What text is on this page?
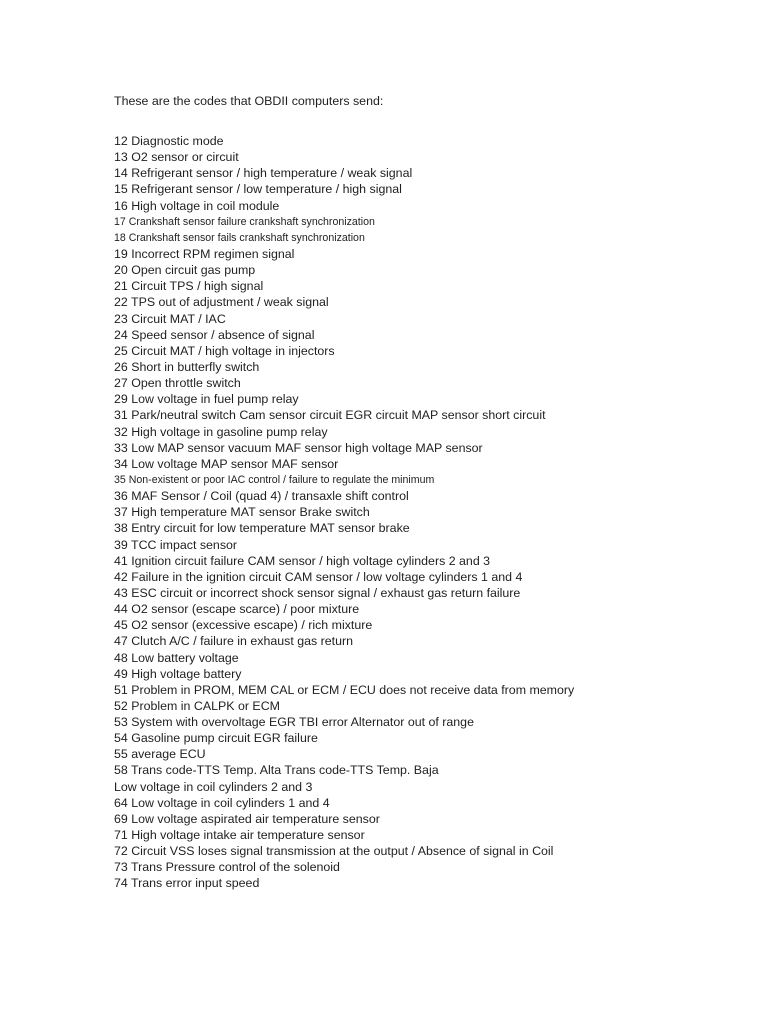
These are the codes that OBDII computers send:

12 Diagnostic mode
13 O2 sensor or circuit
14 Refrigerant sensor / high temperature / weak signal
15 Refrigerant sensor / low temperature / high signal
16 High voltage in coil module
17 Crankshaft sensor failure crankshaft synchronization
18 Crankshaft sensor fails crankshaft synchronization
19 Incorrect RPM regimen signal
20 Open circuit gas pump
21 Circuit TPS / high signal
22 TPS out of adjustment / weak signal
23 Circuit MAT / IAC
24 Speed sensor / absence of signal
25 Circuit MAT / high voltage in injectors
26 Short in butterfly switch
27 Open throttle switch
29 Low voltage in fuel pump relay
31 Park/neutral switch Cam sensor circuit EGR circuit MAP sensor short circuit
32 High voltage in gasoline pump relay
33 Low MAP sensor vacuum MAF sensor high voltage MAP sensor
34 Low voltage MAP sensor MAF sensor
35 Non-existent or poor IAC control / failure to regulate the minimum
36 MAF Sensor / Coil (quad 4) / transaxle shift control
37 High temperature MAT sensor Brake switch
38 Entry circuit for low temperature MAT sensor brake
39 TCC impact sensor
41 Ignition circuit failure CAM sensor / high voltage cylinders 2 and 3
42 Failure in the ignition circuit CAM sensor / low voltage cylinders 1 and 4
43 ESC circuit or incorrect shock sensor signal / exhaust gas return failure
44 O2 sensor (escape scarce) / poor mixture
45 O2 sensor (excessive escape) / rich mixture
47 Clutch A/C / failure in exhaust gas return
48 Low battery voltage
49 High voltage battery
51 Problem in PROM, MEM CAL or ECM / ECU does not receive data from memory
52 Problem in CALPK or ECM
53 System with overvoltage EGR TBI error Alternator out of range
54 Gasoline pump circuit EGR failure
55 average ECU
58 Trans code-TTS Temp. Alta Trans code-TTS Temp. Baja
Low voltage in coil cylinders 2 and 3
64 Low voltage in coil cylinders 1 and 4
69 Low voltage aspirated air temperature sensor
71 High voltage intake air temperature sensor
72 Circuit VSS loses signal transmission at the output / Absence of signal in Coil
73 Trans Pressure control of the solenoid
74 Trans error input speed
